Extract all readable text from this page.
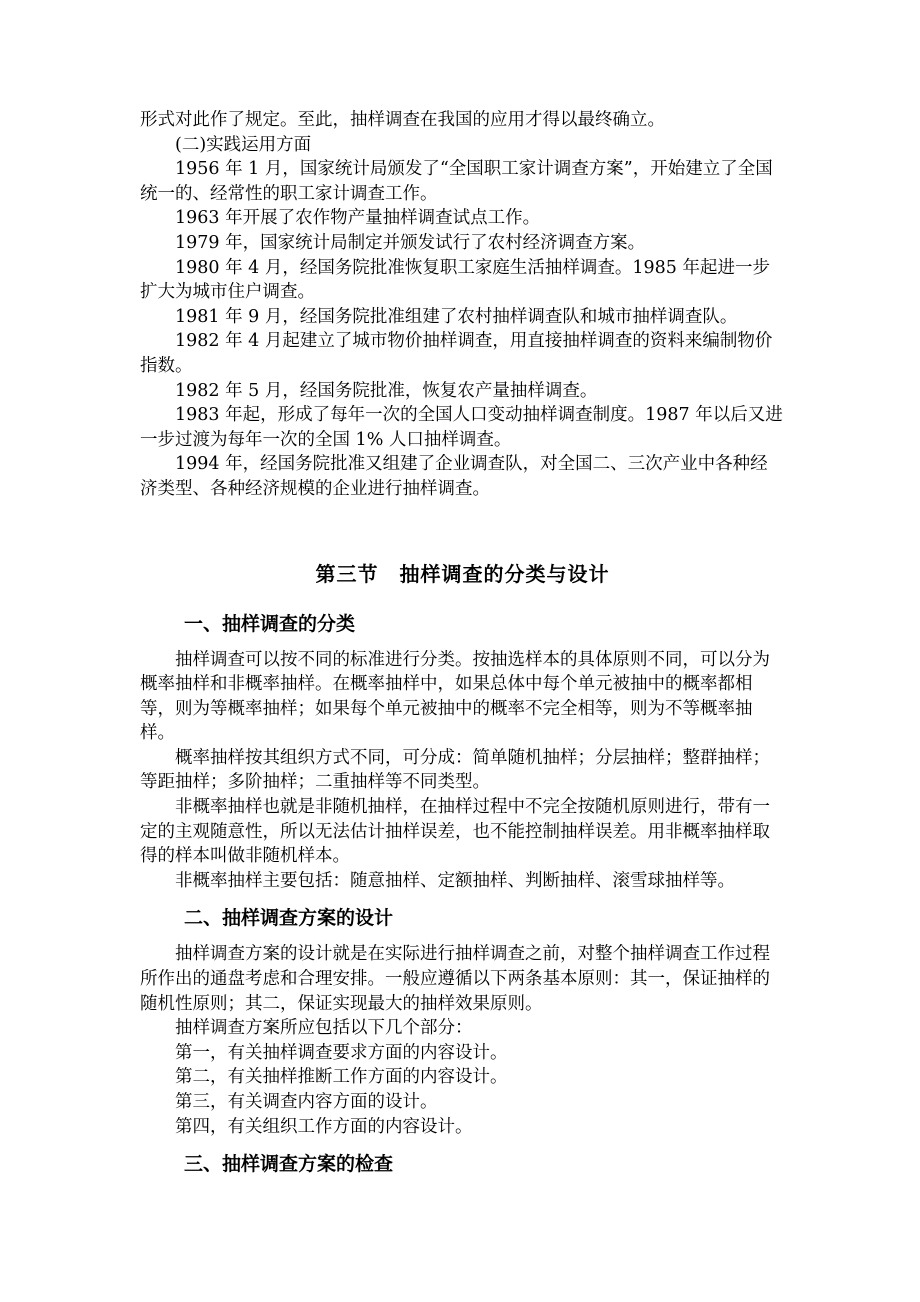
形式对此作了规定。至此，抽样调查在我国的应用才得以最终确立。

(二)实践运用方面

1956 年 1 月，国家统计局颁发了“全国职工家计调查方案”，开始建立了全国统一的、经常性的职工家计调查工作。

1963 年开展了农作物产量抽样调查试点工作。

1979 年，国家统计局制定并颁发试行了农村经济调查方案。

1980 年 4 月，经国务院批准恢复职工家庭生活抽样调查。1985 年起进一步扩大为城市住户调查。

1981 年 9 月，经国务院批准组建了农村抽样调查队和城市抽样调查队。

1982 年 4 月起建立了城市物价抽样调查，用直接抽样调查的资料来编制物价指数。

1982 年 5 月，经国务院批准，恢复农产量抽样调查。

1983 年起，形成了每年一次的全国人口变动抽样调查制度。1987 年以后又进一步过渡为每年一次的全国 1% 人口抽样调查。

1994 年，经国务院批准又组建了企业调查队，对全国二、三次产业中各种经济类型、各种经济规模的企业进行抽样调查。

第三节　抽样调查的分类与设计
一、抽样调查的分类

抽样调查可以按不同的标准进行分类。按抽选样本的具体原则不同，可以分为概率抽样和非概率抽样。在概率抽样中，如果总体中每个单元被抽中的概率都相等，则为等概率抽样；如果每个单元被抽中的概率不完全相等，则为不等概率抽样。

概率抽样按其组织方式不同，可分成：简单随机抽样；分层抽样；整群抽样；等距抽样；多阶抽样；二重抽样等不同类型。

非概率抽样也就是非随机抽样，在抽样过程中不完全按随机原则进行，带有一定的主观随意性，所以无法估计抽样误差，也不能控制抽样误差。用非概率抽样取得的样本叫做非随机样本。

非概率抽样主要包括：随意抽样、定额抽样、判断抽样、滚雪球抽样等。

二、抽样调查方案的设计

抽样调查方案的设计就是在实际进行抽样调查之前，对整个抽样调查工作过程所作出的通盘考虑和合理安排。一般应遵循以下两条基本原则：其一，保证抽样的随机性原则；其二，保证实现最大的抽样效果原则。

抽样调查方案所应包括以下几个部分：

第一，有关抽样调查要求方面的内容设计。

第二，有关抽样推断工作方面的内容设计。

第三，有关调查内容方面的设计。

第四，有关组织工作方面的内容设计。

三、抽样调查方案的检查
